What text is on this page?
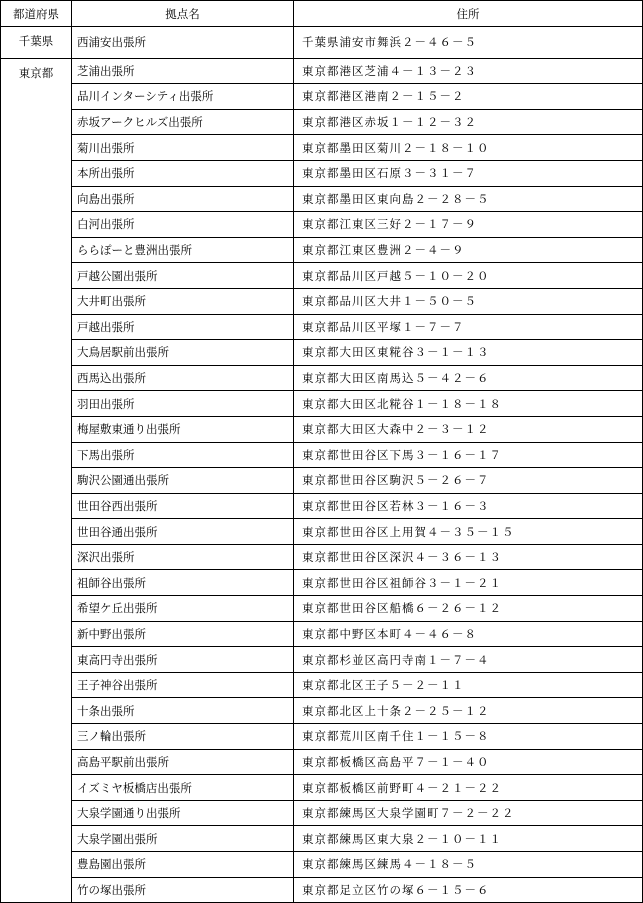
都道府県	拠点名	住所
千葉県	西浦安出張所	千葉県浦安市舞浜２－４６－５
東京都	芝浦出張所	東京都港区芝浦４－１３－２３
	品川インターシティ出張所	東京都港区港南２－１５－２
	赤坂アークヒルズ出張所	東京都港区赤坂１－１２－３２
	菊川出張所	東京都墨田区菊川２－１８－１０
	本所出張所	東京都墨田区石原３－３１－７
	向島出張所	東京都墨田区東向島２－２８－５
	白河出張所	東京都江東区三好２－１７－９
	ららぽーと豊洲出張所	東京都江東区豊洲２－４－９
	戸越公園出張所	東京都品川区戸越５－１０－２０
	大井町出張所	東京都品川区大井１－５０－５
	戸越出張所	東京都品川区平塚１－７－７
	大鳥居駅前出張所	東京都大田区東糀谷３－１－１３
	西馬込出張所	東京都大田区南馬込５－４２－６
	羽田出張所	東京都大田区北糀谷１－１８－１８
	梅屋敷東通り出張所	東京都大田区大森中２－３－１２
	下馬出張所	東京都世田谷区下馬３－１６－１７
	駒沢公園通出張所	東京都世田谷区駒沢５－２６－７
	世田谷西出張所	東京都世田谷区若林３－１６－３
	世田谷通出張所	東京都世田谷区上用賀４－３５－１５
	深沢出張所	東京都世田谷区深沢４－３６－１３
	祖師谷出張所	東京都世田谷区祖師谷３－１－２１
	希望ケ丘出張所	東京都世田谷区船橋６－２６－１２
	新中野出張所	東京都中野区本町４－４６－８
	東高円寺出張所	東京都杉並区高円寺南１－７－４
	王子神谷出張所	東京都北区王子５－２－１１
	十条出張所	東京都北区上十条２－２５－１２
	三ノ輪出張所	東京都荒川区南千住１－１５－８
	高島平駅前出張所	東京都板橋区高島平７－１－４０
	イズミヤ板橋店出張所	東京都板橋区前野町４－２１－２２
	大泉学園通り出張所	東京都練馬区大泉学園町７－２－２２
	大泉学園出張所	東京都練馬区東大泉２－１０－１１
	豊島園出張所	東京都練馬区練馬４－１８－５
	竹の塚出張所	東京都足立区竹の塚６－１５－６
